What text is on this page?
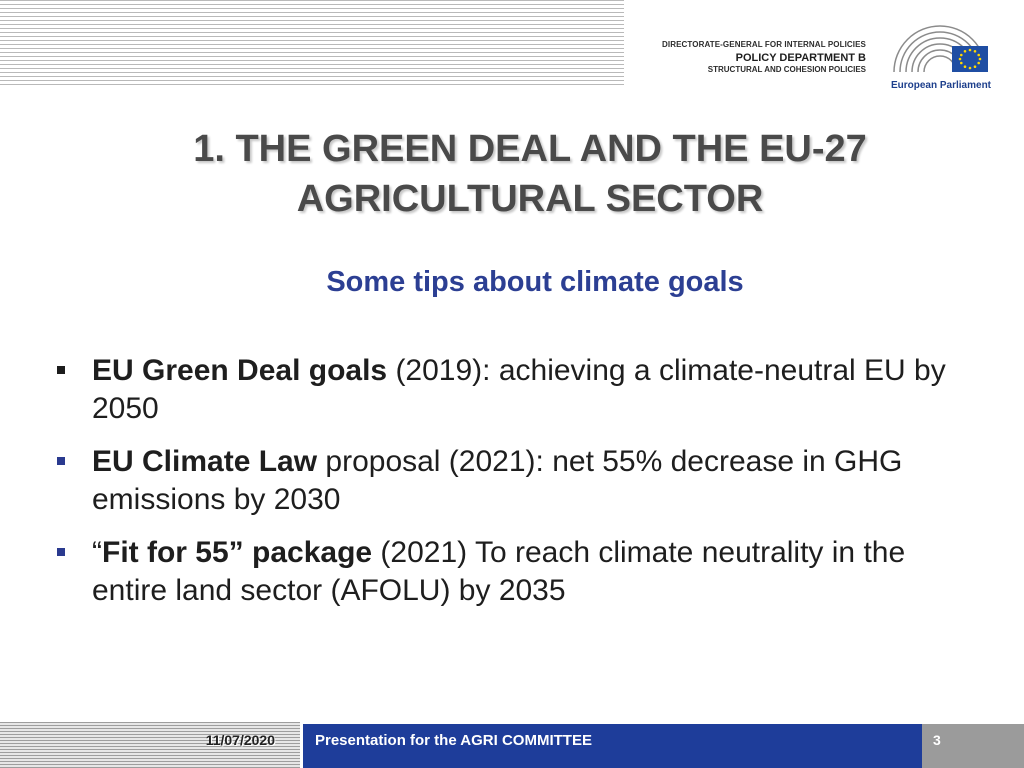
DIRECTORATE-GENERAL FOR INTERNAL POLICIES
POLICY DEPARTMENT B
STRUCTURAL AND COHESION POLICIES
European Parliament
1. THE GREEN DEAL AND THE EU-27
AGRICULTURAL SECTOR
Some tips about climate goals
EU Green Deal goals (2019): achieving a climate-neutral EU by 2050
EU Climate Law proposal (2021): net 55% decrease in GHG emissions by 2030
“Fit for 55” package (2021) To reach climate neutrality in the entire land sector (AFOLU) by 2035
11/07/2020	Presentation for the AGRI COMMITTEE	3
